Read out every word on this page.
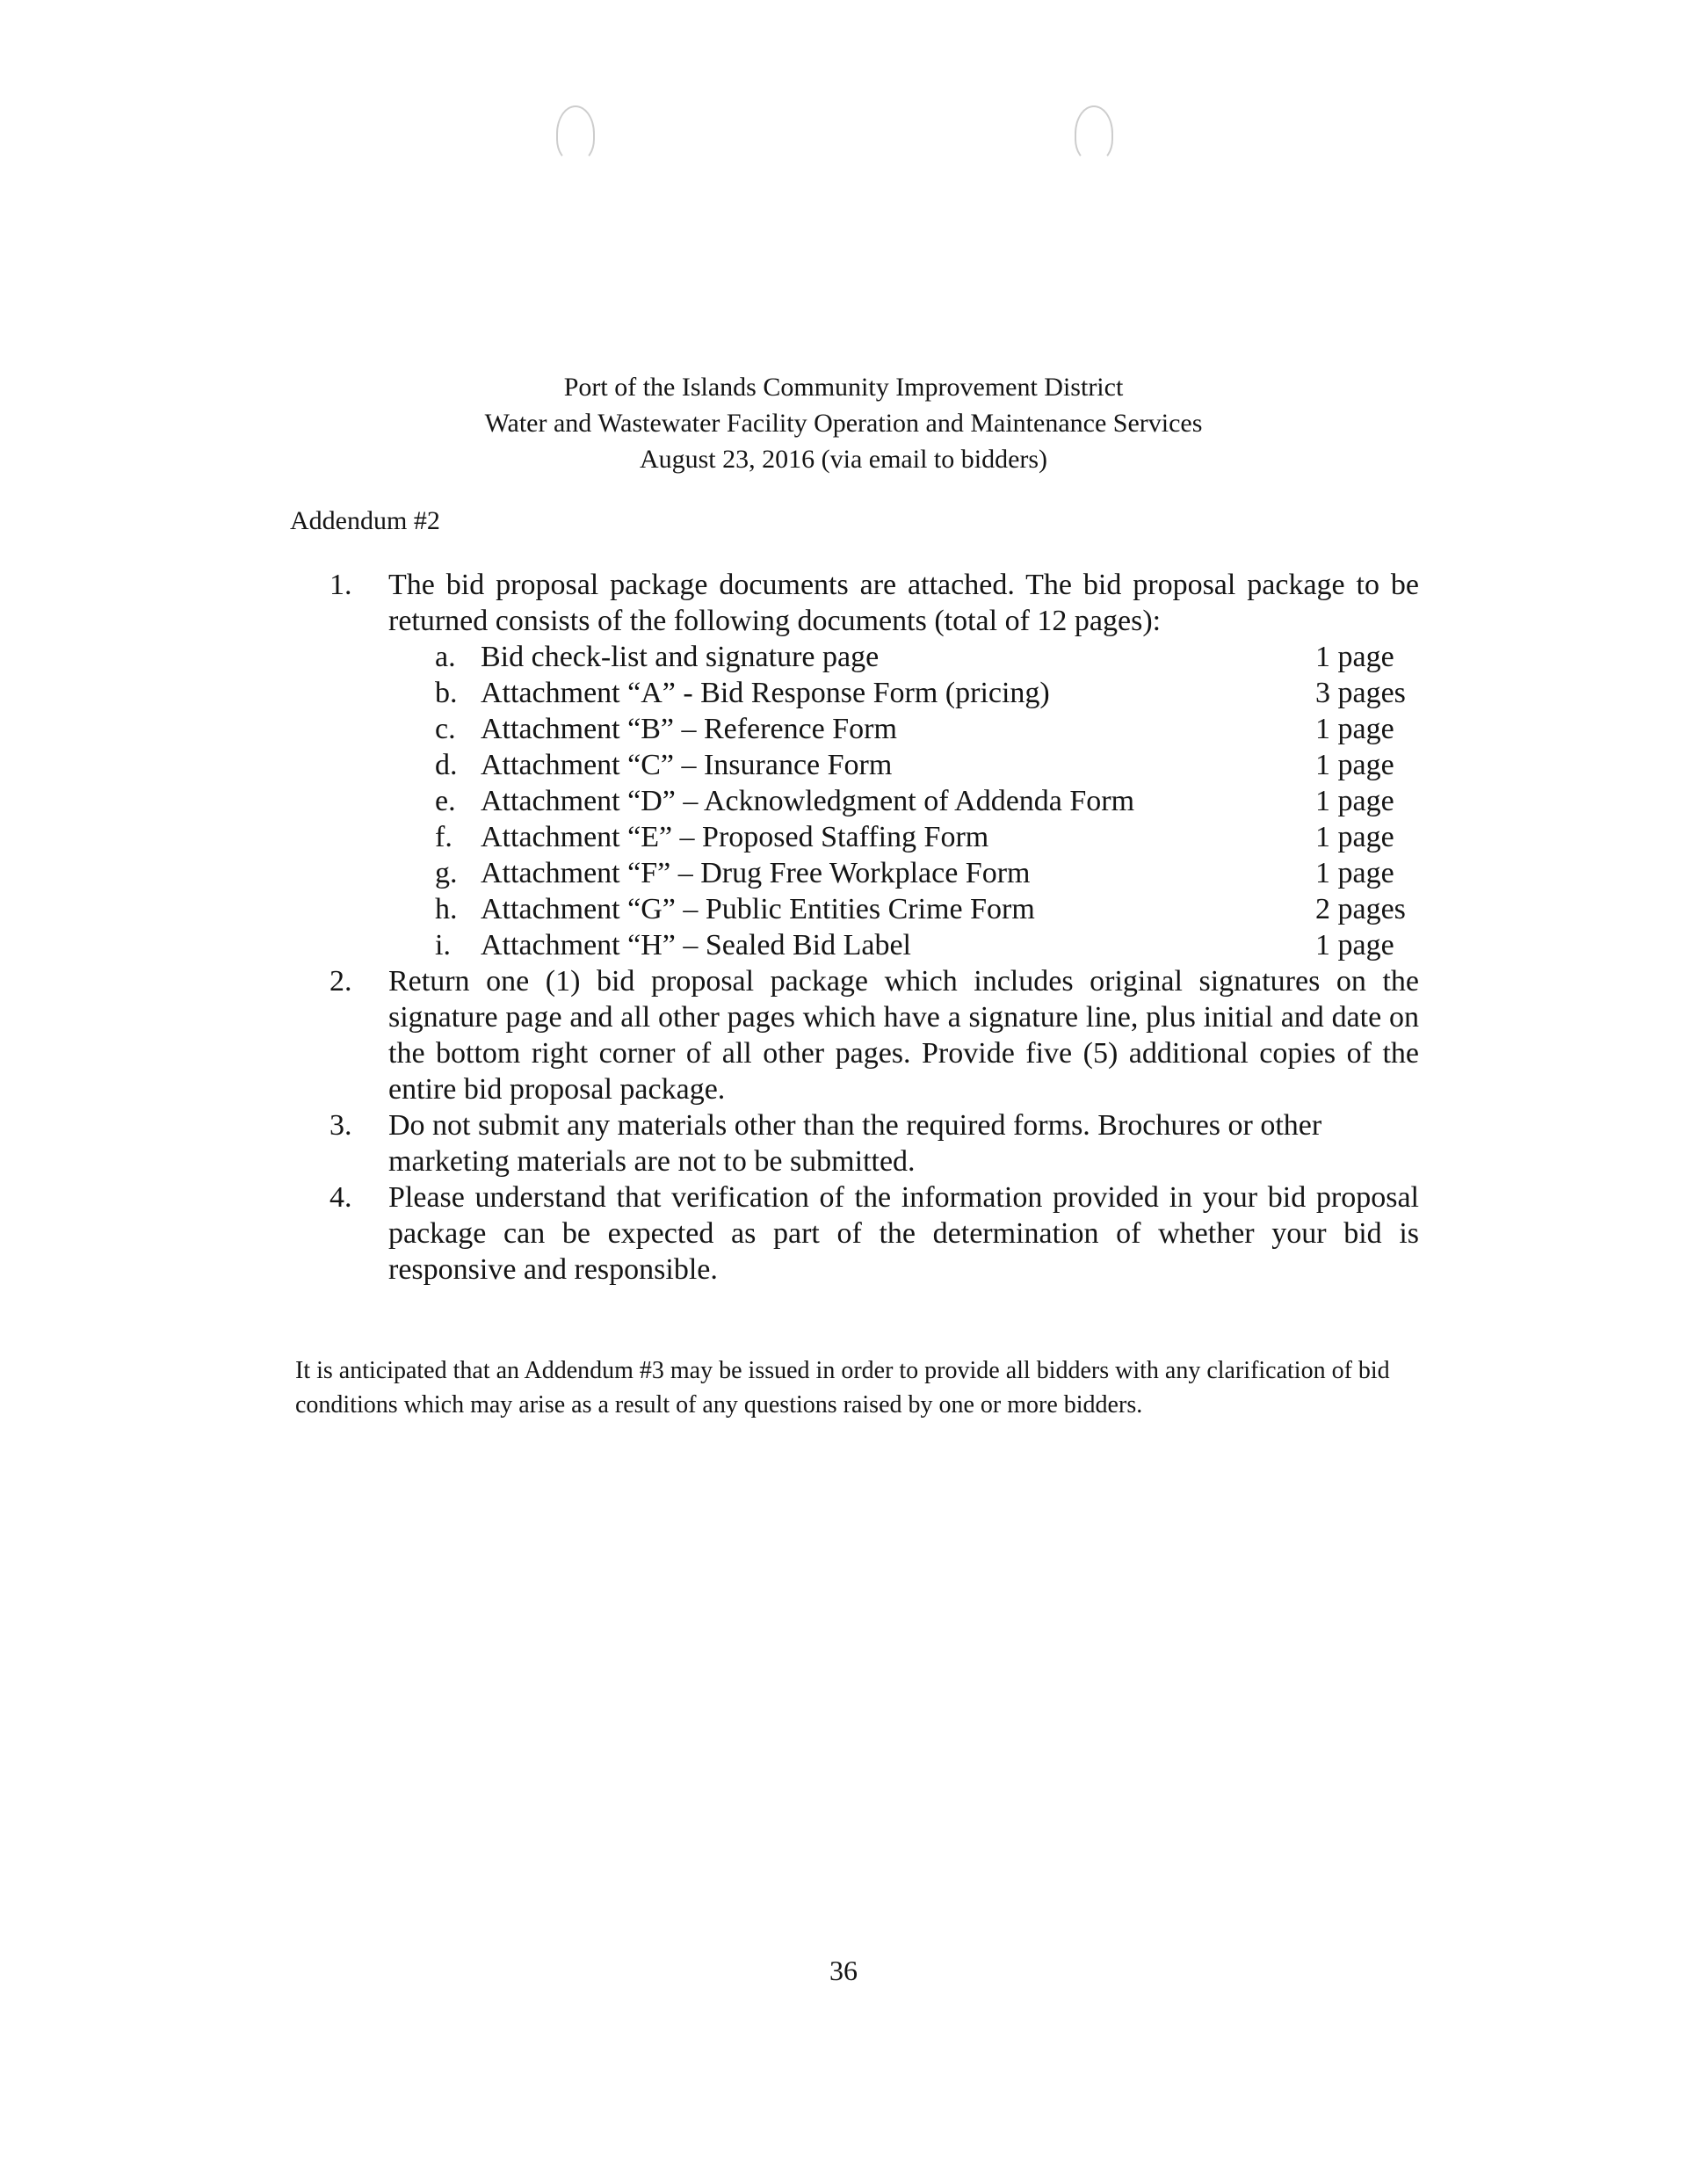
Port of the Islands Community Improvement District
Water and Wastewater Facility Operation and Maintenance Services
August 23, 2016 (via email to bidders)
Addendum #2
1. The bid proposal package documents are attached. The bid proposal package to be returned consists of the following documents (total of 12 pages):
a. Bid check-list and signature page	1 page
b. Attachment “A” - Bid Response Form (pricing)	3 pages
c. Attachment “B” – Reference Form	1 page
d. Attachment “C” – Insurance Form	1 page
e. Attachment “D” – Acknowledgment of Addenda Form	1 page
f. Attachment “E” – Proposed Staffing Form	1 page
g. Attachment “F” – Drug Free Workplace Form	1 page
h. Attachment “G” – Public Entities Crime Form	2 pages
i. Attachment “H” – Sealed Bid Label	1 page
2. Return one (1) bid proposal package which includes original signatures on the signature page and all other pages which have a signature line, plus initial and date on the bottom right corner of all other pages. Provide five (5) additional copies of the entire bid proposal package.
3. Do not submit any materials other than the required forms. Brochures or other marketing materials are not to be submitted.
4. Please understand that verification of the information provided in your bid proposal package can be expected as part of the determination of whether your bid is responsive and responsible.
It is anticipated that an Addendum #3 may be issued in order to provide all bidders with any clarification of bid conditions which may arise as a result of any questions raised by one or more bidders.
36
